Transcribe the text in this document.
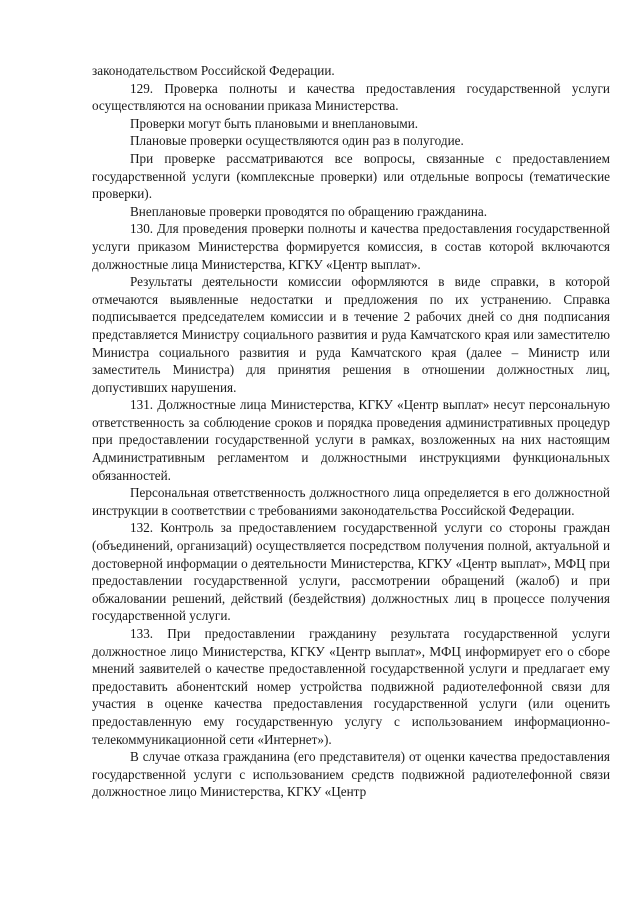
законодательством Российской Федерации.

129. Проверка полноты и качества предоставления государственной услуги осуществляются на основании приказа Министерства.

Проверки могут быть плановыми и внеплановыми.

Плановые проверки осуществляются один раз в полугодие.

При проверке рассматриваются все вопросы, связанные с предоставлением государственной услуги (комплексные проверки) или отдельные вопросы (тематические проверки).

Внеплановые проверки проводятся по обращению гражданина.

130. Для проведения проверки полноты и качества предоставления государственной услуги приказом Министерства формируется комиссия, в состав которой включаются должностные лица Министерства, КГКУ «Центр выплат».

Результаты деятельности комиссии оформляются в виде справки, в которой отмечаются выявленные недостатки и предложения по их устранению. Справка подписывается председателем комиссии и в течение 2 рабочих дней со дня подписания представляется Министру социального развития и руда Камчатского края или заместителю Министра социального развития и руда Камчатского края (далее – Министр или заместитель Министра) для принятия решения в отношении должностных лиц, допустивших нарушения.

131. Должностные лица Министерства, КГКУ «Центр выплат» несут персональную ответственность за соблюдение сроков и порядка проведения административных процедур при предоставлении государственной услуги в рамках, возложенных на них настоящим Административным регламентом и должностными инструкциями функциональных обязанностей.

Персональная ответственность должностного лица определяется в его должностной инструкции в соответствии с требованиями законодательства Российской Федерации.

132. Контроль за предоставлением государственной услуги со стороны граждан (объединений, организаций) осуществляется посредством получения полной, актуальной и достоверной информации о деятельности Министерства, КГКУ «Центр выплат», МФЦ при предоставлении государственной услуги, рассмотрении обращений (жалоб) и при обжаловании решений, действий (бездействия) должностных лиц в процессе получения государственной услуги.

133. При предоставлении гражданину результата государственной услуги должностное лицо Министерства, КГКУ «Центр выплат», МФЦ информирует его о сборе мнений заявителей о качестве предоставленной государственной услуги и предлагает ему предоставить абонентский номер устройства подвижной радиотелефонной связи для участия в оценке качества предоставления государственной услуги (или оценить предоставленную ему государственную услугу с использованием информационно-телекоммуникационной сети «Интернет»).

В случае отказа гражданина (его представителя) от оценки качества предоставления государственной услуги с использованием средств подвижной радиотелефонной связи должностное лицо Министерства, КГКУ «Центр
